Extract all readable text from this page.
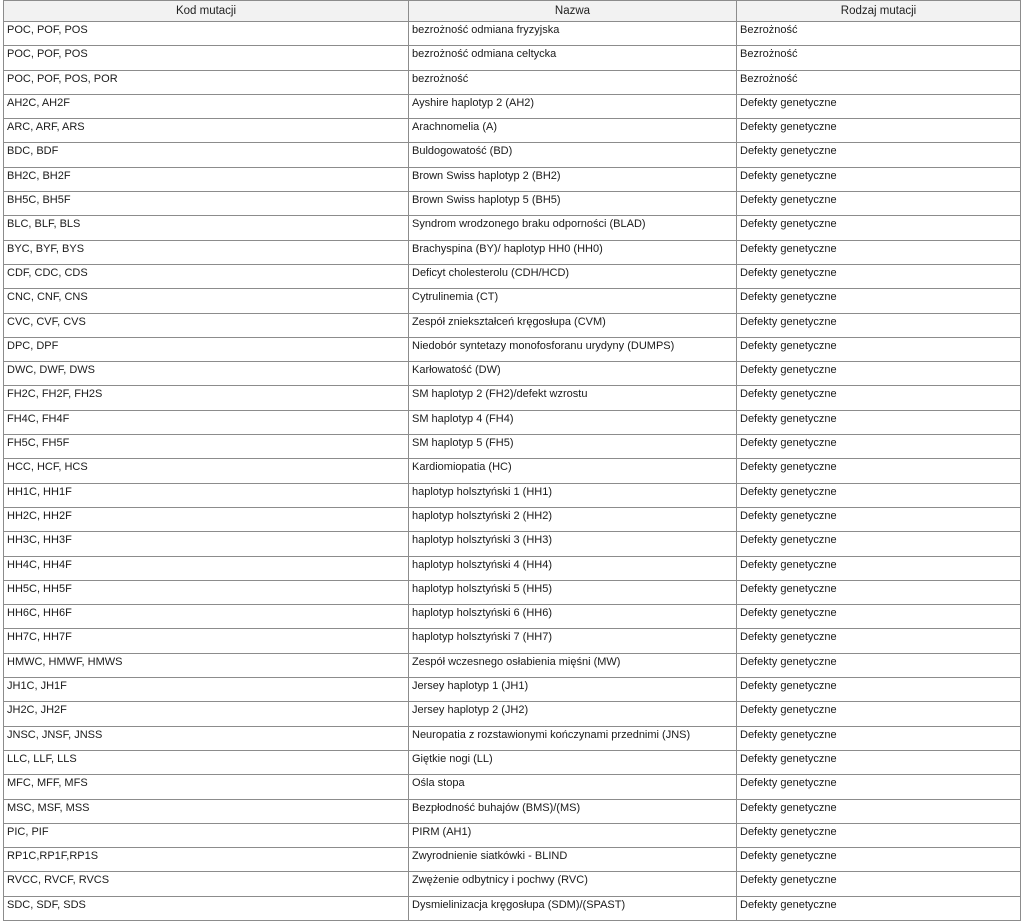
Kod mutacji	Nazwa	Rodzaj mutacji
POC, POF, POS	bezrożność odmiana fryzyjska	Bezrożność
POC, POF, POS	bezrożność odmiana celtycka	Bezrożność
POC, POF, POS, POR	bezrożność	Bezrożność
AH2C, AH2F	Ayshire haplotyp 2 (AH2)	Defekty genetyczne
ARC, ARF, ARS	Arachnomelia (A)	Defekty genetyczne
BDC, BDF	Buldogowatość (BD)	Defekty genetyczne
BH2C, BH2F	Brown Swiss haplotyp 2 (BH2)	Defekty genetyczne
BH5C, BH5F	Brown Swiss haplotyp 5 (BH5)	Defekty genetyczne
BLC, BLF, BLS	Syndrom wrodzonego braku odporności (BLAD)	Defekty genetyczne
BYC, BYF, BYS	Brachyspina (BY)/ haplotyp HH0 (HH0)	Defekty genetyczne
CDF, CDC, CDS	Deficyt cholesterolu (CDH/HCD)	Defekty genetyczne
CNC, CNF, CNS	Cytrulinemia (CT)	Defekty genetyczne
CVC, CVF, CVS	Zespół zniekształceń kręgosłupa (CVM)	Defekty genetyczne
DPC, DPF	Niedobór syntetazy monofosforanu urydyny (DUMPS)	Defekty genetyczne
DWC, DWF, DWS	Karłowatość (DW)	Defekty genetyczne
FH2C, FH2F, FH2S	SM haplotyp 2 (FH2)/defekt wzrostu	Defekty genetyczne
FH4C, FH4F	SM haplotyp 4 (FH4)	Defekty genetyczne
FH5C, FH5F	SM haplotyp 5 (FH5)	Defekty genetyczne
HCC, HCF, HCS	Kardiomiopatia (HC)	Defekty genetyczne
HH1C, HH1F	haplotyp holsztyński 1 (HH1)	Defekty genetyczne
HH2C, HH2F	haplotyp holsztyński 2 (HH2)	Defekty genetyczne
HH3C, HH3F	haplotyp holsztyński 3 (HH3)	Defekty genetyczne
HH4C, HH4F	haplotyp holsztyński 4 (HH4)	Defekty genetyczne
HH5C, HH5F	haplotyp holsztyński 5 (HH5)	Defekty genetyczne
HH6C, HH6F	haplotyp holsztyński 6 (HH6)	Defekty genetyczne
HH7C, HH7F	haplotyp holsztyński 7 (HH7)	Defekty genetyczne
HMWC, HMWF, HMWS	Zespół wczesnego osłabienia mięśni (MW)	Defekty genetyczne
JH1C, JH1F	Jersey haplotyp 1 (JH1)	Defekty genetyczne
JH2C, JH2F	Jersey haplotyp 2 (JH2)	Defekty genetyczne
JNSC, JNSF, JNSS	Neuropatia z rozstawionymi kończynami przednimi (JNS)	Defekty genetyczne
LLC, LLF, LLS	Giętkie nogi (LL)	Defekty genetyczne
MFC, MFF, MFS	Ośla stopa	Defekty genetyczne
MSC, MSF, MSS	Bezpłodność buhajów (BMS)/(MS)	Defekty genetyczne
PIC, PIF	PIRM (AH1)	Defekty genetyczne
RP1C,RP1F,RP1S	Zwyrodnienie siatkówki - BLIND	Defekty genetyczne
RVCC, RVCF, RVCS	Zwężenie odbytnicy i pochwy (RVC)	Defekty genetyczne
SDC, SDF, SDS	Dysmielinizacja kręgosłupa (SDM)/(SPAST)	Defekty genetyczne
